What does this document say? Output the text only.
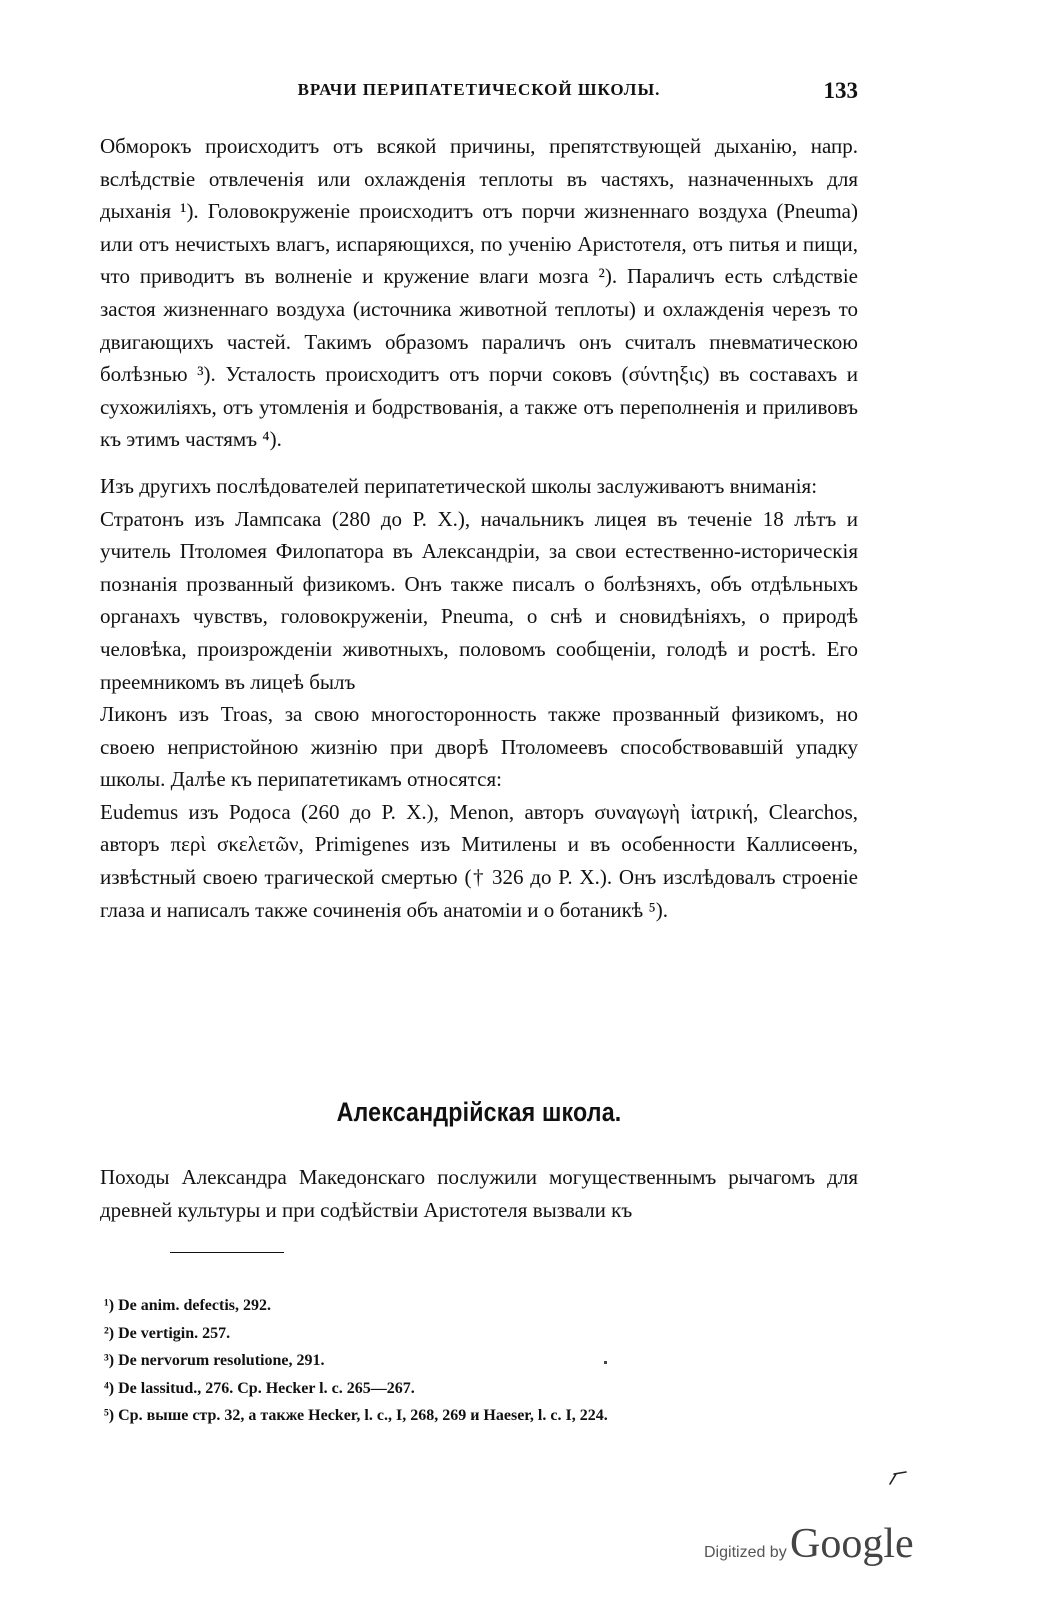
ВРАЧИ ПЕРИПАТЕТИЧЕСКОЙ ШКОЛЫ.	133

Обморокъ происходитъ отъ всякой причины, препятствующей дыханію, напр. вслѣдствіе отвлеченія или охлажденія теплоты въ частяхъ, назначенныхъ для дыханія ¹). Головокруженіе происходитъ отъ порчи жизненнаго воздуха (Pneuma) или отъ нечистыхъ влагъ, испаряющихся, по ученію Аристотеля, отъ питья и пищи, что приводитъ въ волненіе и кружение влаги мозга ²). Параличъ есть слѣдствіе застоя жизненнаго воздуха (источника животной теплоты) и охлажденія черезъ то двигающихъ частей. Такимъ образомъ параличъ онъ считалъ пневматическою болѣзнью ³). Усталость происходитъ отъ порчи соковъ (σύντηξις) въ составахъ и сухожиліяхъ, отъ утомленія и бодрствованія, а также отъ переполненія и приливовъ къ этимъ частямъ ⁴).

Изъ другихъ послѣдователей перипатетической школы заслуживаютъ вниманія:

Стратонъ изъ Лампсака (280 до Р. Х.), начальникъ лицея въ теченіе 18 лѣтъ и учитель Птоломея Филопатора въ Александріи, за свои естественно-историческія познанія прозванный физикомъ. Онъ также писалъ о болѣзняхъ, объ отдѣльныхъ органахъ чувствъ, головокруженіи, Pneuma, о снѣ и сновидѣніяхъ, о природѣ человѣка, произрожденіи животныхъ, половомъ сообщеніи, голодѣ и ростѣ. Его преемникомъ въ лицеѣ былъ

Ликонъ изъ Troas, за свою многосторонность также прозванный физикомъ, но своею непристойною жизнію при дворѣ Птоломеевъ способствовавшій упадку школы. Далѣе къ перипатетикамъ относятся:

Eudemus изъ Родоса (260 до Р. Х.), Menon, авторъ συναγωγὴ ἰατρική, Clearchos, авторъ περὶ σκελετῶν, Primigenes изъ Митилены и въ особенности Каллисѳенъ, извѣстный своею трагической смертью († 326 до Р. Х.). Онъ изслѣдовалъ строеніе глаза и написалъ также сочиненія объ анатоміи и о ботаникѣ ⁵).

Александрійская школа.

Походы Александра Македонскаго послужили могущественнымъ рычагомъ для древней культуры и при содѣйствіи Аристотеля вызвали къ

¹) De anim. defectis, 292.
²) De vertigin. 257.
³) De nervorum resolutione, 291.
⁴) De lassitud., 276. Ср. Hecker l. c. 265—267.
⁵) Ср. выше стр. 32, а также Hecker, l. c., I, 268, 269 и Haeser, l. c. I, 224.
Digitized by Google
